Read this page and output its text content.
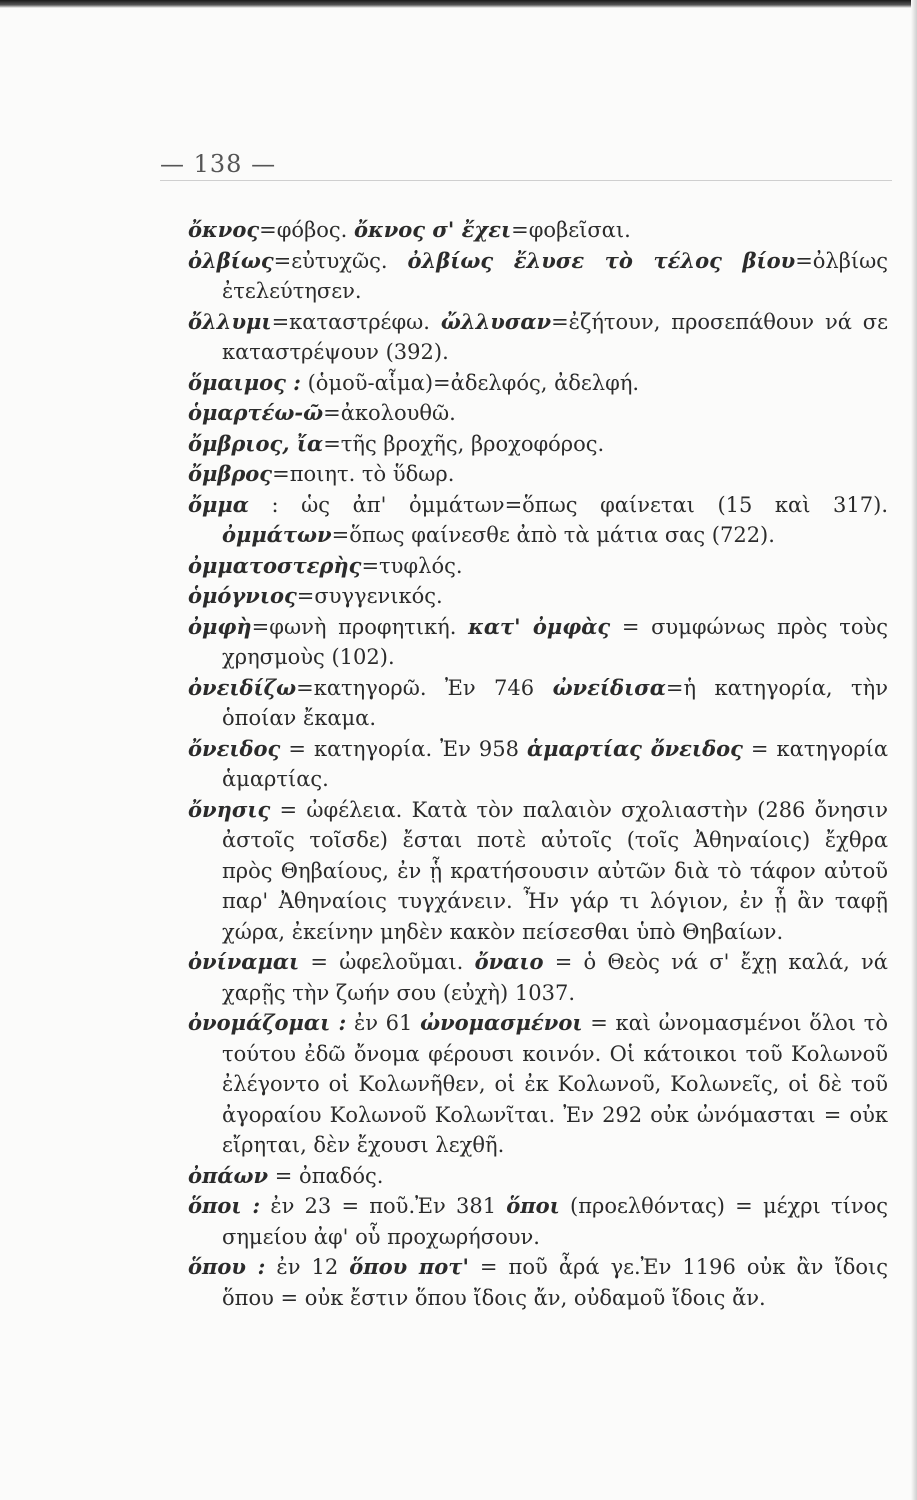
— 138 —
ὄκνος=φόβος. ὄκνος σ' ἔχει=φοβεῖσαι.
ὀλβίως=εὐτυχῶς. ὀλβίως ἔλυσε τὸ τέλος βίου=ὀλβίως ἐτελεύτησεν.
ὄλλυμι=καταστρέφω. ὤλλυσαν=ἐζήτουν, προσεπάθουν νά σε καταστρέψουν (392).
ὅμαιμος : (ὁμοῦ-αἷμα)=ἀδελφός, ἀδελφή.
ὁμαρτέω-ῶ=ἀκολουθῶ.
ὄμβριος, ἴα=τῆς βροχῆς, βροχοφόρος.
ὄμβρος=ποιητ. τὸ ὕδωρ.
ὄμμα : ὡς ἀπ' ὀμμάτων=ὅπως φαίνεται (15 καὶ 317). ὀμμάτων=ὅπως φαίνεσθε ἀπὸ τὰ μάτια σας (722).
ὀμματοστερὴς=τυφλός.
ὁμόγνιος=συγγενικός.
ὀμφὴ=φωνὴ προφητική. κατ' ὀμφὰς = συμφώνως πρὸς τοὺς χρησμοὺς (102).
ὀνειδίζω=κατηγορῶ. Ἐν 746 ὠνείδισα=ἡ κατηγορία, τὴν ὁποίαν ἔκαμα.
ὄνειδος = κατηγορία. Ἐν 958 ἁμαρτίας ὄνειδος = κατηγορία ἁμαρτίας.
ὄνησις = ὠφέλεια. Κατὰ τὸν παλαιὸν σχολιαστὴν (286 ὄνησιν ἀστοῖς τοῖσδε) ἔσται ποτὲ αὐτοῖς (τοῖς Ἀθηναίοις) ἔχθρα πρὸς Θηβαίους, ἐν ᾗ κρατήσουσιν αὐτῶν διὰ τὸ τάφον αὐτοῦ παρ' Ἀθηναίοις τυγχάνειν. Ἦν γάρ τι λόγιον, ἐν ᾗ ἂν ταφῇ χώρα, ἐκείνην μηδὲν κακὸν πείσεσθαι ὑπὸ Θηβαίων.
ὀνίναμαι = ὠφελοῦμαι. ὄναιο = ὁ Θεὸς νά σ' ἔχῃ καλά, νά χαρῇς τὴν ζωήν σου (εὐχὴ) 1037.
ὀνομάζομαι : ἐν 61 ὠνομασμένοι = καὶ ὠνομασμένοι ὅλοι τὸ τούτου ἐδῶ ὄνομα φέρουσι κοινόν. Οἱ κάτοικοι τοῦ Κολωνοῦ ἐλέγοντο οἱ Κολωνῆθεν, οἱ ἐκ Κολωνοῦ, Κολωνεῖς, οἱ δὲ τοῦ ἀγοραίου Κολωνοῦ Κολωνῖται. Ἐν 292 οὐκ ὠνόμασται = οὐκ εἴρηται, δὲν ἔχουσι λεχθῆ.
ὀπάων = ὀπαδός.
ὅποι : ἐν 23 = ποῦ.Ἐν 381 ὅποι (προελθόντας) = μέχρι τίνος σημείου ἀφ' οὗ προχωρήσουν.
ὅπου : ἐν 12 ὅπου ποτ' = ποῦ ἆρά γε.Ἐν 1196 οὐκ ἂν ἴδοις ὅπου = οὐκ ἔστιν ὅπου ἴδοις ἄν, οὐδαμοῦ ἴδοις ἄν.
